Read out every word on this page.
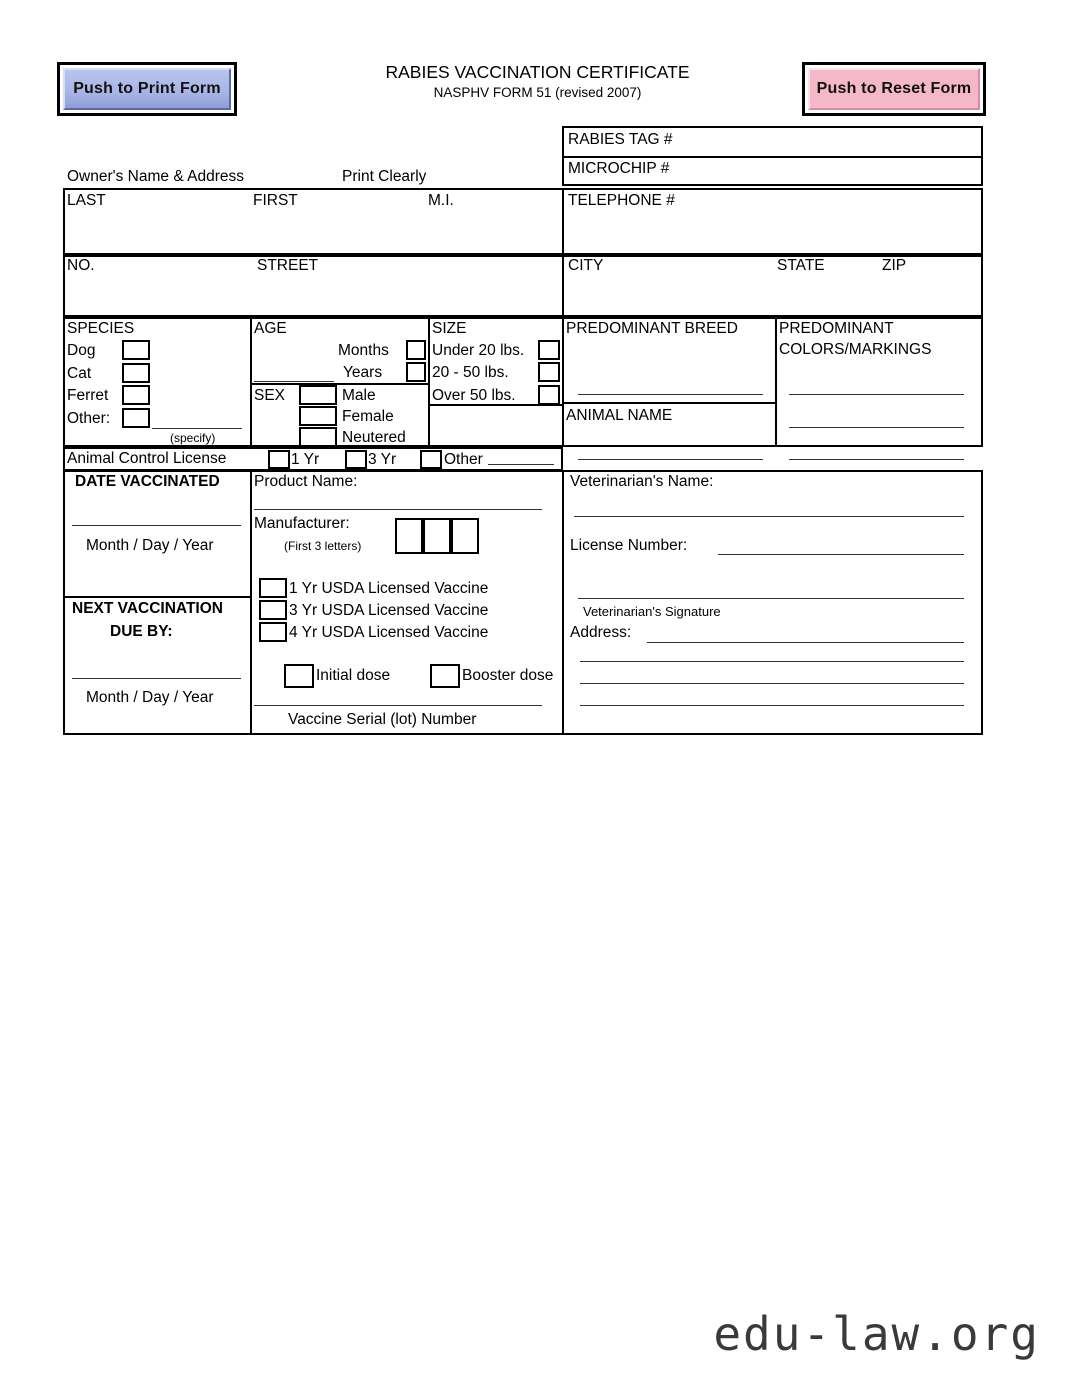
Push to Print Form	Push to Reset Form
RABIES VACCINATION CERTIFICATE
NASPHV FORM 51 (revised 2007)
Owner's Name & Address	Print Clearly
RABIES TAG #
MICROCHIP #
LAST	FIRST	M.I.	TELEPHONE #
NO.	STREET	CITY	STATE	ZIP
SPECIES
Dog
Cat
Ferret
Other:
(specify)
AGE
Months
Years
SEX	Male
Female
Neutered
SIZE
Under 20 lbs.
20 - 50 lbs.
Over 50 lbs.
PREDOMINANT BREED
ANIMAL NAME
PREDOMINANT
COLORS/MARKINGS
Animal Control License	1 Yr	3 Yr	Other
DATE VACCINATED
Month / Day / Year
NEXT VACCINATION
DUE BY:
Month / Day / Year
Product Name:
Manufacturer:
(First 3 letters)
1 Yr USDA Licensed Vaccine
3 Yr USDA Licensed Vaccine
4 Yr USDA Licensed Vaccine
Initial dose	Booster dose
Vaccine Serial (lot) Number
Veterinarian's Name:
License Number:
Veterinarian's Signature
Address:
edu-law.org
